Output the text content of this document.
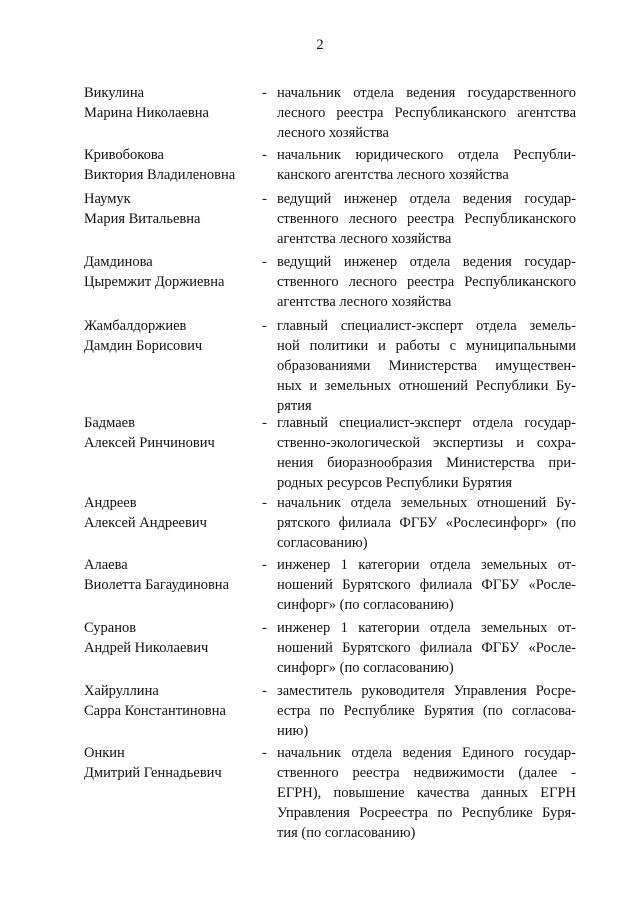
2
Викулина
Марина Николаевна
- начальник отдела ведения государственного
лесного реестра Республиканского агентства
лесного хозяйства
Кривобокова
Виктория Владиленовна
- начальник юридического отдела Республи-
канского агентства лесного хозяйства
Наумук
Мария Витальевна
- ведущий инженер отдела ведения государ-
ственного лесного реестра Республиканского
агентства лесного хозяйства
Дамдинова
Цыремжит Доржиевна
- ведущий инженер отдела ведения государ-
ственного лесного реестра Республиканского
агентства лесного хозяйства
Жамбалдоржиев
Дамдин Борисович
- главный специалист-эксперт отдела земель-
ной политики и работы с муниципальными
образованиями Министерства имуществен-
ных и земельных отношений Республики Бу-
рятия
Бадмаев
Алексей Ринчинович
- главный специалист-эксперт отдела государ-
ственно-экологической экспертизы и сохра-
нения биоразнообразия Министерства при-
родных ресурсов Республики Бурятия
Андреев
Алексей Андреевич
- начальник отдела земельных отношений Бу-
рятского филиала ФГБУ «Рослесинфорг» (по
согласованию)
Алаева
Виолетта Багаудиновна
- инженер 1 категории отдела земельных от-
ношений Бурятского филиала ФГБУ «Росле-
синфорг» (по согласованию)
Суранов
Андрей Николаевич
- инженер 1 категории отдела земельных от-
ношений Бурятского филиала ФГБУ «Росле-
синфорг» (по согласованию)
Хайруллина
Сарра Константиновна
- заместитель руководителя Управления Росре-
естра по Республике Бурятия (по согласова-
нию)
Онкин
Дмитрий Геннадьевич
- начальник отдела ведения Единого государ-
ственного реестра недвижимости (далее -
ЕГРН), повышение качества данных ЕГРН
Управления Росреестра по Республике Буря-
тия (по согласованию)
